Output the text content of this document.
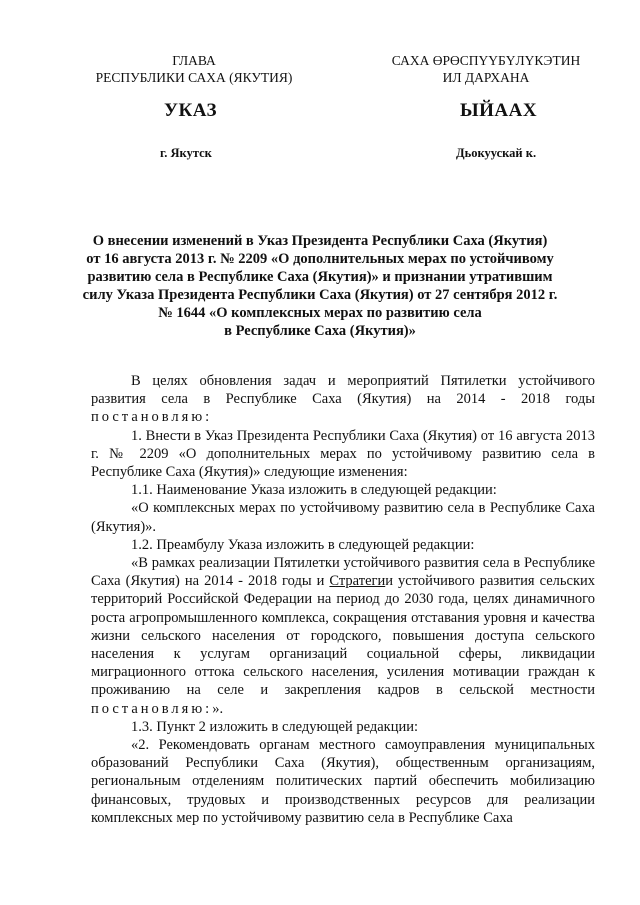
ГЛАВА
РЕСПУБЛИКИ САХА (ЯКУТИЯ)
САХА ӨРӨСПҮҮБҮЛҮКЭТИН
ИЛ ДАРХАНА
УКАЗ	ЫЙААХ
г. Якутск	Дьокуускай к.
О внесении изменений в Указ Президента Республики Саха (Якутия)
от 16 августа 2013 г. № 2209 «О дополнительных мерах по устойчивому
развитию села в Республике Саха (Якутия)» и признании утратившим
силу Указа Президента Республики Саха (Якутия) от 27 сентября 2012 г.
№ 1644 «О комплексных мерах по развитию села
в Республике Саха (Якутия)»

В целях обновления задач и мероприятий Пятилетки устойчивого развития села в Республике Саха (Якутия) на 2014 - 2018 годы постановляю:

1. Внести в Указ Президента Республики Саха (Якутия) от 16 августа 2013 г. № 2209 «О дополнительных мерах по устойчивому развитию села в Республике Саха (Якутия)» следующие изменения:

1.1. Наименование Указа изложить в следующей редакции:

«О комплексных мерах по устойчивому развитию села в Республике Саха (Якутия)».

1.2. Преамбулу Указа изложить в следующей редакции:

«В рамках реализации Пятилетки устойчивого развития села в Республике Саха (Якутия) на 2014 - 2018 годы и Стратегии устойчивого развития сельских территорий Российской Федерации на период до 2030 года, целях динамичного роста агропромышленного комплекса, сокращения отставания уровня и качества жизни сельского населения от городского, повышения доступа сельского населения к услугам организаций социальной сферы, ликвидации миграционного оттока сельского населения, усиления мотивации граждан к проживанию на селе и закрепления кадров в сельской местности постановляю:».

1.3. Пункт 2 изложить в следующей редакции:

«2. Рекомендовать органам местного самоуправления муниципальных образований Республики Саха (Якутия), общественным организациям, региональным отделениям политических партий обеспечить мобилизацию финансовых, трудовых и производственных ресурсов для реализации комплексных мер по устойчивому развитию села в Республике Саха
